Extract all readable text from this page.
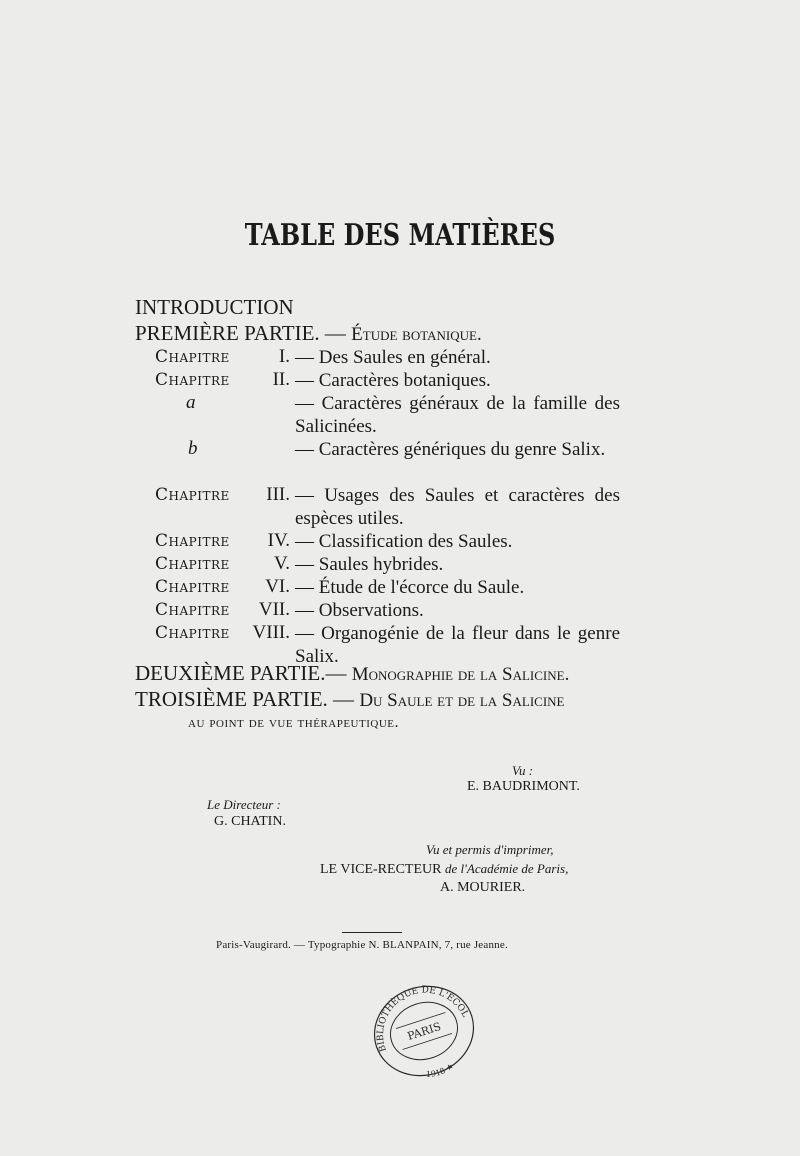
TABLE DES MATIÈRES
INTRODUCTION
PREMIÈRE PARTIE. — Étude botanique.
Chapitre	I. — Des Saules en général.
Chapitre	II. — Caractères botaniques.
a	— Caractères généraux de la famille des Salicinées.
b	— Caractères génériques du genre Salix.
Chapitre	III. — Usages des Saules et caractères des espèces utiles.
Chapitre	IV. — Classification des Saules.
Chapitre	V. — Saules hybrides.
Chapitre	VI. — Étude de l'écorce du Saule.
Chapitre	VII. — Observations.
Chapitre	VIII. — Organogénie de la fleur dans le genre Salix.
DEUXIÈME PARTIE.— Monographie de la Salicine.
TROISIÈME PARTIE. — Du Saule et de la Salicine
au point de vue thérapeutique.
Vu :
E. BAUDRIMONT.
Le Directeur :
G. CHATIN.
Vu et permis d'imprimer,
LE VICE-RECTEUR de l'Académie de Paris,
A. MOURIER.
Paris-Vaugirard. — Typographie N. BLANPAIN, 7, rue Jeanne.
BIBLIOTHÈQUE DE L'ÉCOLE
PARIS
1918 ★
